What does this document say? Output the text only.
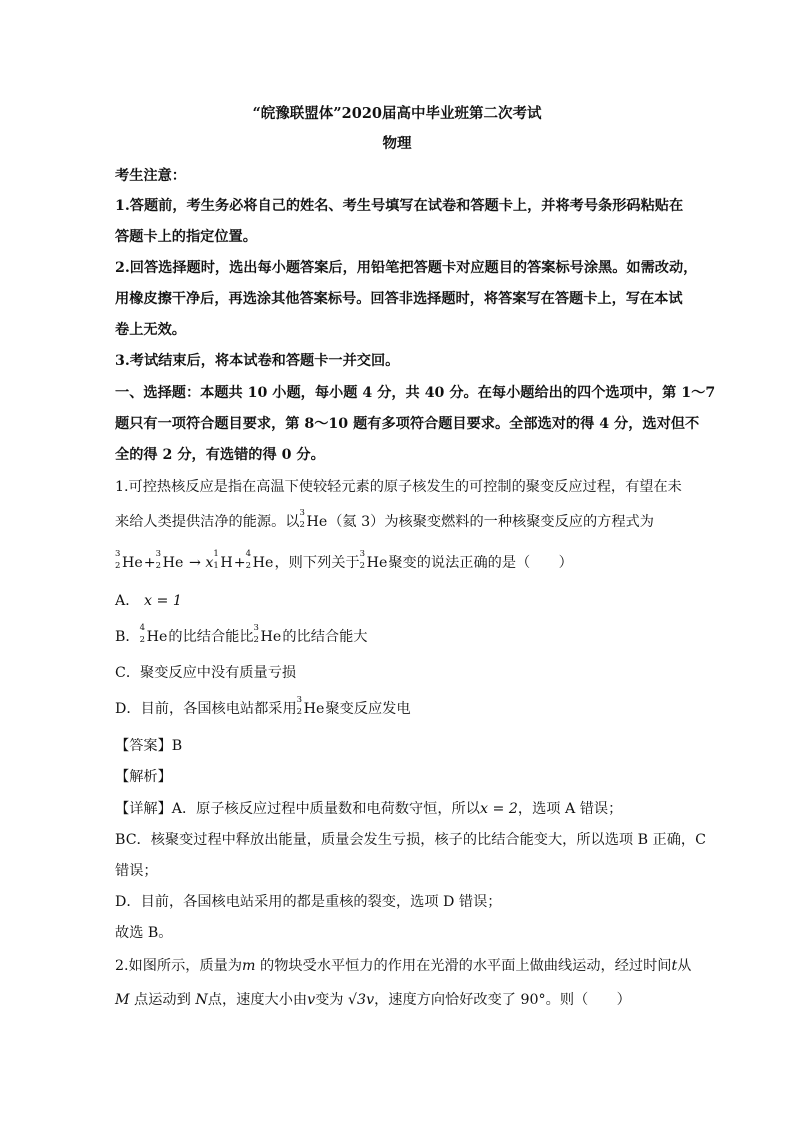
“皖豫联盟体”2020届高中毕业班第二次考试
物理
考生注意：
1.答题前，考生务必将自己的姓名、考生号填写在试卷和答题卡上，并将考号条形码粘贴在
答题卡上的指定位置。
2.回答选择题时，选出每小题答案后，用铅笔把答题卡对应题目的答案标号涂黑。如需改动，
用橡皮擦干净后，再选涂其他答案标号。回答非选择题时，将答案写在答题卡上，写在本试
卷上无效。
3.考试结束后，将本试卷和答题卡一并交回。
一、选择题：本题共 10 小题，每小题 4 分，共 40 分。在每小题给出的四个选项中，第 1～7
题只有一项符合题目要求，第 8～10 题有多项符合题目要求。全部选对的得 4 分，选对但不
全的得 2 分，有选错的得 0 分。
1.可控热核反应是指在高温下使较轻元素的原子核发生的可控制的聚变反应过程，有望在未
来给人类提供洁净的能源。以
3
2 He（氦 3）为核聚变燃料的一种核聚变反应的方程式为
3
2 He+
3
2 He → x
1
1 H+
4
2 He，则下列关于
3
2 He聚变的说法正确的是（　　）
A． x = 1
B．
4
2 He的比结合能比
3
2 He的比结合能大
C．聚变反应中没有质量亏损
D．目前，各国核电站都采用
3
2 He聚变反应发电
【答案】B
【解析】
【详解】A．原子核反应过程中质量数和电荷数守恒，所以x = 2，选项 A 错误；
BC．核聚变过程中释放出能量，质量会发生亏损，核子的比结合能变大，所以选项 B 正确，C
错误；
D．目前，各国核电站采用的都是重核的裂变，选项 D 错误；
故选 B。
2.如图所示，质量为m 的物块受水平恒力的作用在光滑的水平面上做曲线运动，经过时间t从
M 点运动到 N点，速度大小由v变为 √3v，速度方向恰好改变了 90°。则（　　）
